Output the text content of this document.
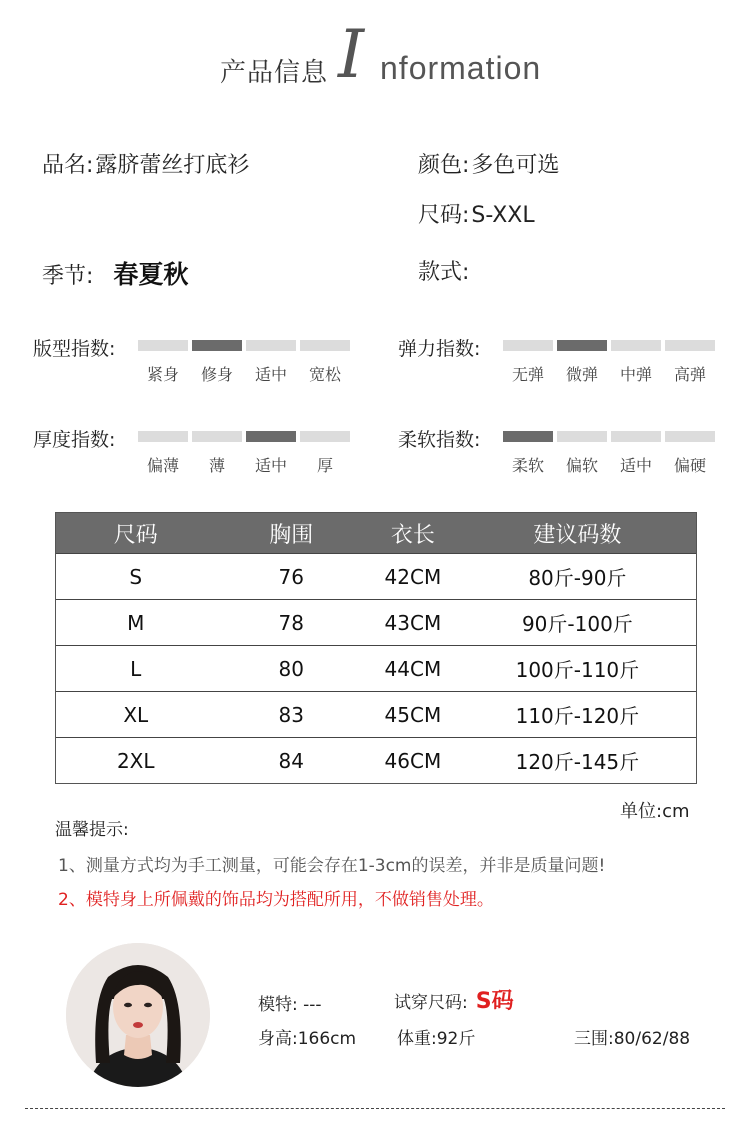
产品信息 I nformation
品名:露脐蕾丝打底衫	颜色:多色可选
尺码:S-XXL
季节: 春夏秋	款式:
版型指数:
紧身	修身	适中	宽松
弹力指数:
无弹	微弹	中弹	高弹
厚度指数:
偏薄	薄	适中	厚
柔软指数:
柔软	偏软	适中	偏硬
尺码	胸围	衣长	建议码数
S	76	42CM	80斤-90斤
M	78	43CM	90斤-100斤
L	80	44CM	100斤-110斤
XL	83	45CM	110斤-120斤
2XL	84	46CM	120斤-145斤
单位:cm
温馨提示:
1、测量方式均为手工测量，可能会存在1-3cm的误差，并非是质量问题!
2、模特身上所佩戴的饰品均为搭配所用，不做销售处理。
模特: ---	试穿尺码: S码
身高:166cm 体重:92斤	三围:80/62/88
